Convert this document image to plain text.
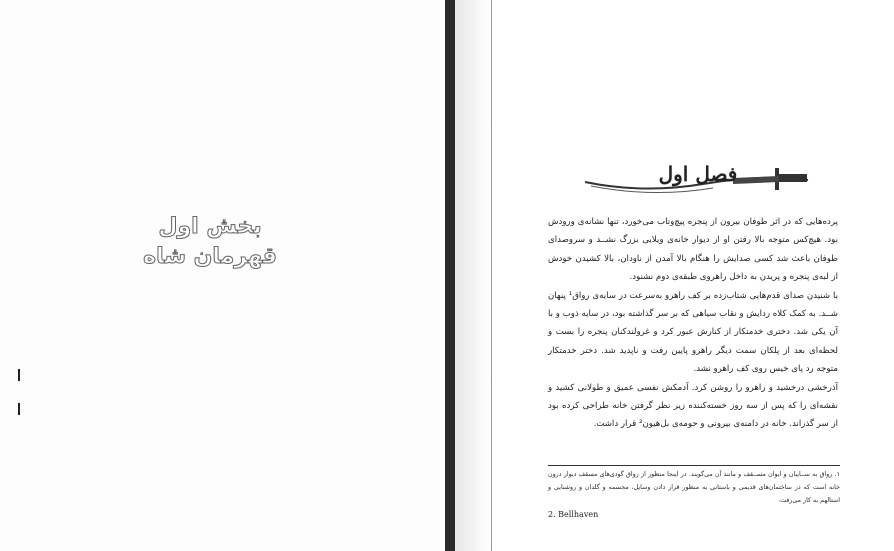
بخش اول
قهرمان شاه
فصل اول

پرده‌هایی که در اثر طوفان بیرون از پنجره پیچ‌وتاب می‌خورد، تنها نشانه‌ی ورودش بود. هیچ‌کس متوجه بالا رفتن او از دیوار خانه‌ی ویلایی بزرگ نشــد و سروصدای طوفان باعث شد کسی صدایش را هنگام بالا آمدن از ناودان، بالا کشیدن خودش از لبه‌ی پنجره و پریدن به داخل راهروی طبقه‌ی دوم نشنود.

با شنیدن صدای قدم‌هایی شتاب‌زده بر کف راهرو به‌سرعت در سایه‌ی رواق¹ پنهان شــد. به کمک کلاه ردایش و نقاب سیاهی که بر سر گذاشته بود، در سایه ذوب و با آن یکی شد. دختری خدمتکار از کنارش عبور کرد و غرولندکنان پنجره را بست و لحظه‌ای بعد از پلکان سمت دیگر راهرو پایین رفت و ناپدید شد. دختر خدمتکار متوجه رد پای خیس روی کف راهرو نشد.

آذرخشی درخشید و راهرو را روشن کرد. آدمکش نفسی عمیق و طولانی کشید و نقشه‌ای را که پس از سه روز خسته‌کننده زیر نظر گرفتن خانه طراحی کرده بود از سر گذراند. خانه در دامنه‌ی بیرونی و حومه‌ی بل‌هیون² قرار داشت.

۱. رواق به ســایبان و ایوان مســقف و مانند آن می‌گویند. در اینجا منظور از رواق گودی‌های مسقف دیوار درون خانه است که در ساختمان‌های قدیمی و باستانی به منظور قرار دادن وسایل، مجسمه و گلدان و روشنایی و استالهم به کار می‌رفت.

2. Bellhaven
